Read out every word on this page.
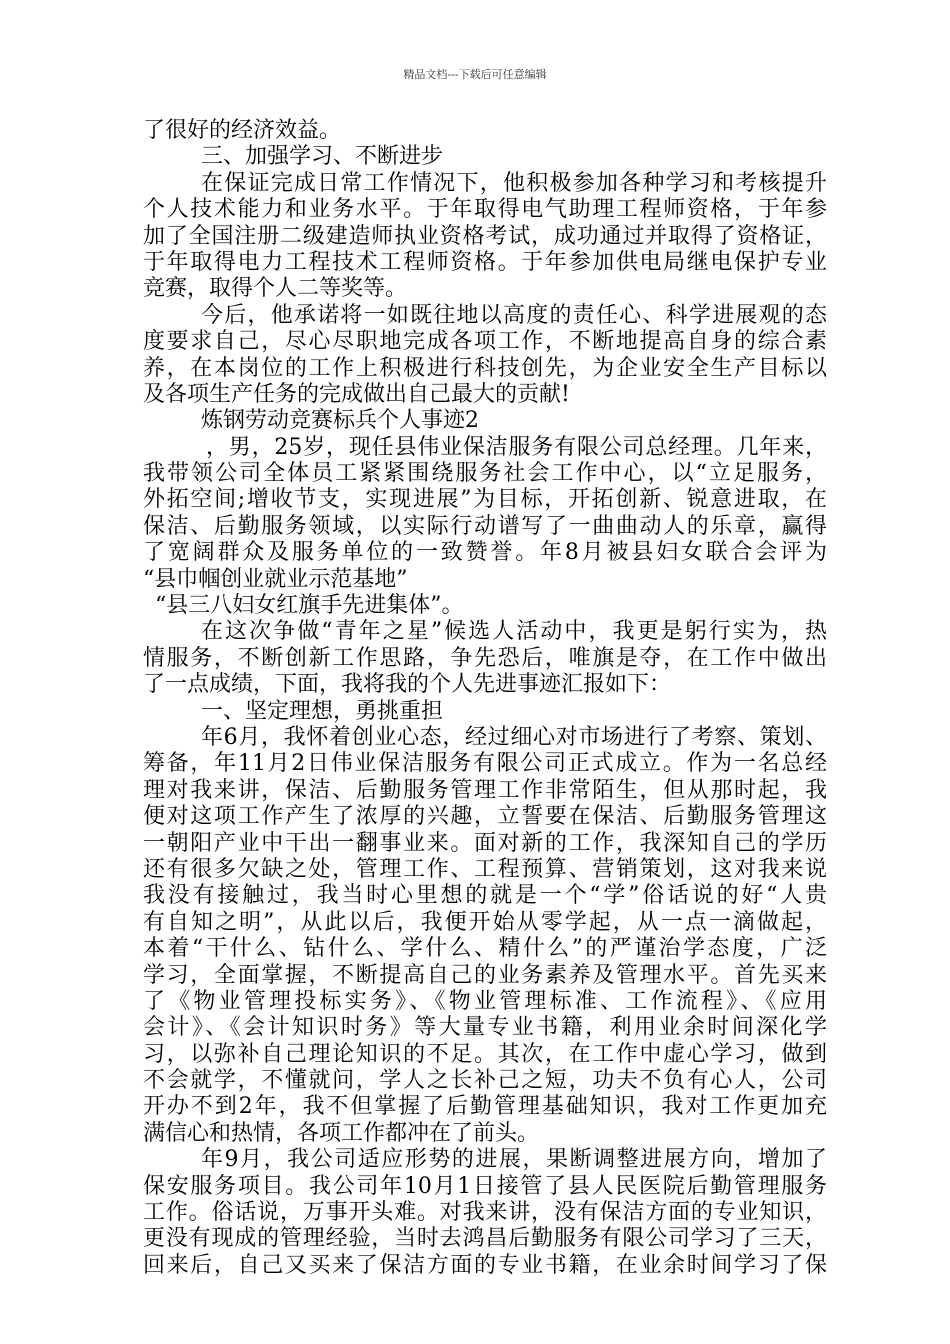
精品文档---下载后可任意编辑
了很好的经济效益。
三、加强学习、不断进步
在保证完成日常工作情况下，他积极参加各种学习和考核提升
个人技术能力和业务水平。于年取得电气助理工程师资格，于年参
加了全国注册二级建造师执业资格考试，成功通过并取得了资格证，
于年取得电力工程技术工程师资格。于年参加供电局继电保护专业
竞赛，取得个人二等奖等。
今后，他承诺将一如既往地以高度的责任心、科学进展观的态
度要求自己，尽心尽职地完成各项工作，不断地提高自身的综合素
养，在本岗位的工作上积极进行科技创先，为企业安全生产目标以
及各项生产任务的完成做出自己最大的贡献!
炼钢劳动竞赛标兵个人事迹2
，男，25岁，现任县伟业保洁服务有限公司总经理。几年来，
我带领公司全体员工紧紧围绕服务社会工作中心，以“立足服务，
外拓空间;增收节支，实现进展”为目标，开拓创新、锐意进取，在
保洁、后勤服务领域，以实际行动谱写了一曲曲动人的乐章，赢得
了宽阔群众及服务单位的一致赞誉。年8月被县妇女联合会评为
“县巾帼创业就业示范基地”
“县三八妇女红旗手先进集体”。
在这次争做“青年之星”候选人活动中，我更是躬行实为，热
情服务，不断创新工作思路，争先恐后，唯旗是夺，在工作中做出
了一点成绩，下面，我将我的个人先进事迹汇报如下：
一、坚定理想，勇挑重担
年6月，我怀着创业心态，经过细心对市场进行了考察、策划、
筹备，年11月2日伟业保洁服务有限公司正式成立。作为一名总经
理对我来讲，保洁、后勤服务管理工作非常陌生，但从那时起，我
便对这项工作产生了浓厚的兴趣，立誓要在保洁、后勤服务管理这
一朝阳产业中干出一翻事业来。面对新的工作，我深知自己的学历
还有很多欠缺之处，管理工作、工程预算、营销策划，这对我来说
我没有接触过，我当时心里想的就是一个“学”俗话说的好“人贵
有自知之明”，从此以后，我便开始从零学起，从一点一滴做起，
本着“干什么、钻什么、学什么、精什么”的严谨治学态度，广泛
学习，全面掌握，不断提高自己的业务素养及管理水平。首先买来
了《物业管理投标实务》、《物业管理标准、工作流程》、《应用
会计》、《会计知识时务》等大量专业书籍，利用业余时间深化学
习，以弥补自己理论知识的不足。其次，在工作中虚心学习，做到
不会就学，不懂就问，学人之长补己之短，功夫不负有心人，公司
开办不到2年，我不但掌握了后勤管理基础知识，我对工作更加充
满信心和热情，各项工作都冲在了前头。
年9月，我公司适应形势的进展，果断调整进展方向，增加了
保安服务项目。我公司年10月1日接管了县人民医院后勤管理服务
工作。俗话说，万事开头难。对我来讲，没有保洁方面的专业知识，
更没有现成的管理经验，当时去鸿昌后勤服务有限公司学习了三天，
回来后，自己又买来了保洁方面的专业书籍，在业余时间学习了保
